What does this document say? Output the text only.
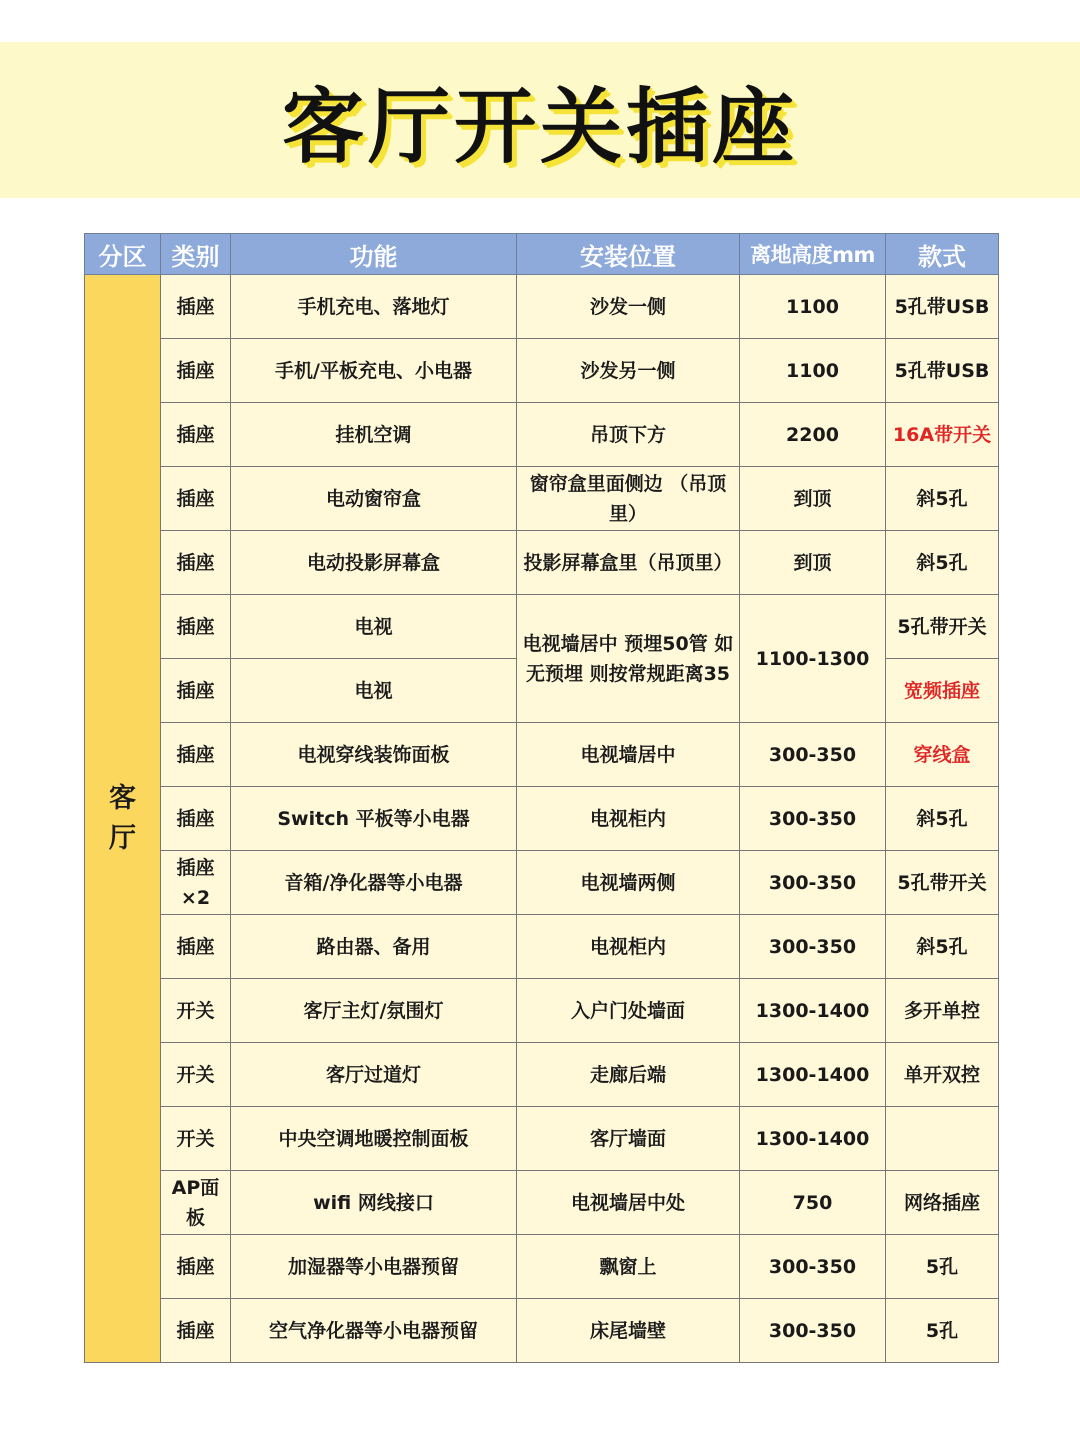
客厅开关插座
分区	类别	功能	安装位置	离地高度mm	款式
客厅	插座	手机充电、落地灯	沙发一侧	1100	5孔带USB
	插座	手机/平板充电、小电器	沙发另一侧	1100	5孔带USB
	插座	挂机空调	吊顶下方	2200	16A带开关
	插座	电动窗帘盒	窗帘盒里面侧边 （吊顶里）	到顶	斜5孔
	插座	电动投影屏幕盒	投影屏幕盒里（吊顶里）	到顶	斜5孔
	插座	电视	电视墙居中 预埋50管 如无预埋 则按常规距离35	1100-1300	5孔带开关
	插座	电视			宽频插座
	插座	电视穿线装饰面板	电视墙居中	300-350	穿线盒
	插座	Switch 平板等小电器	电视柜内	300-350	斜5孔
	插座×2	音箱/净化器等小电器	电视墙两侧	300-350	5孔带开关
	插座	路由器、备用	电视柜内	300-350	斜5孔
	开关	客厅主灯/氛围灯	入户门处墙面	1300-1400	多开单控
	开关	客厅过道灯	走廊后端	1300-1400	单开双控
	开关	中央空调地暖控制面板	客厅墙面	1300-1400	
	AP面板	wifi 网线接口	电视墙居中处	750	网络插座
	插座	加湿器等小电器预留	飘窗上	300-350	5孔
	插座	空气净化器等小电器预留	床尾墙壁	300-350	5孔
